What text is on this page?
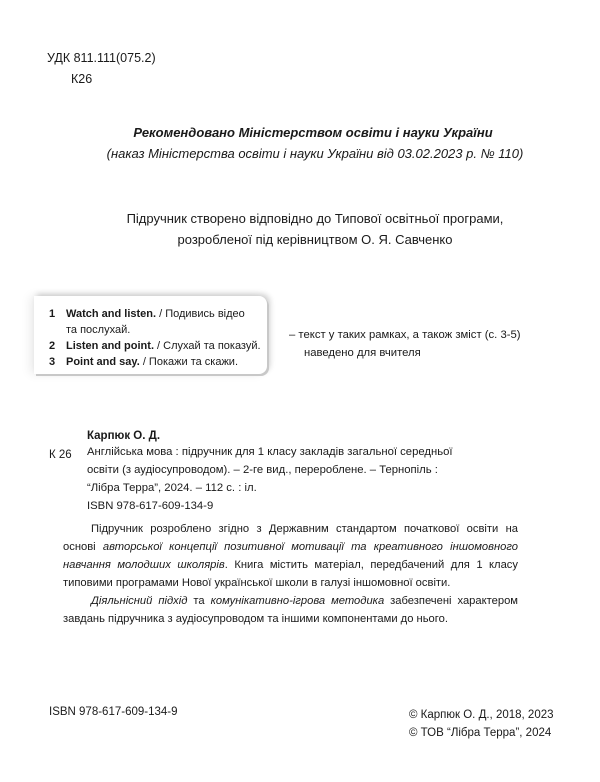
УДК 811.111(075.2)
К26
Рекомендовано Міністерством освіти і науки України
(наказ Міністерства освіти і науки України від 03.02.2023 р. № 110)
Підручник створено відповідно до Типової освітньої програми,
розробленої під керівництвом О. Я. Савченко
1 Watch and listen. / Подивись відео
та послухай.
2 Listen and point. / Слухай та показуй.
3 Point and say. / Покажи та скажи.
– текст у таких рамках, а також зміст (с. 3-5)
наведено для вчителя
Карпюк О. Д.
К 26 Англійська мова : підручник для 1 класу закладів загальної середньої
освіти (з аудіосупроводом). – 2-ге вид., перероблене. – Тернопіль :
“Лібра Терра”, 2024. – 112 с. : іл.
ISBN 978-617-609-134-9

Підручник розроблено згідно з Державним стандартом початкової освіти на основі авторської концепції позитивної мотивації та креативного іншомовного навчання молодших школярів. Книга містить матеріал, передбачений для 1 класу типовими програмами Нової української школи в галузі іншомовної освіти.

Діяльнісний підхід та комунікативно-ігрова методика забезпечені характером завдань підручника з аудіосупроводом та іншими компонентами до нього.

ISBN 978-617-609-134-9	© Карпюк О. Д., 2018, 2023
© ТОВ “Лібра Терра”, 2024
